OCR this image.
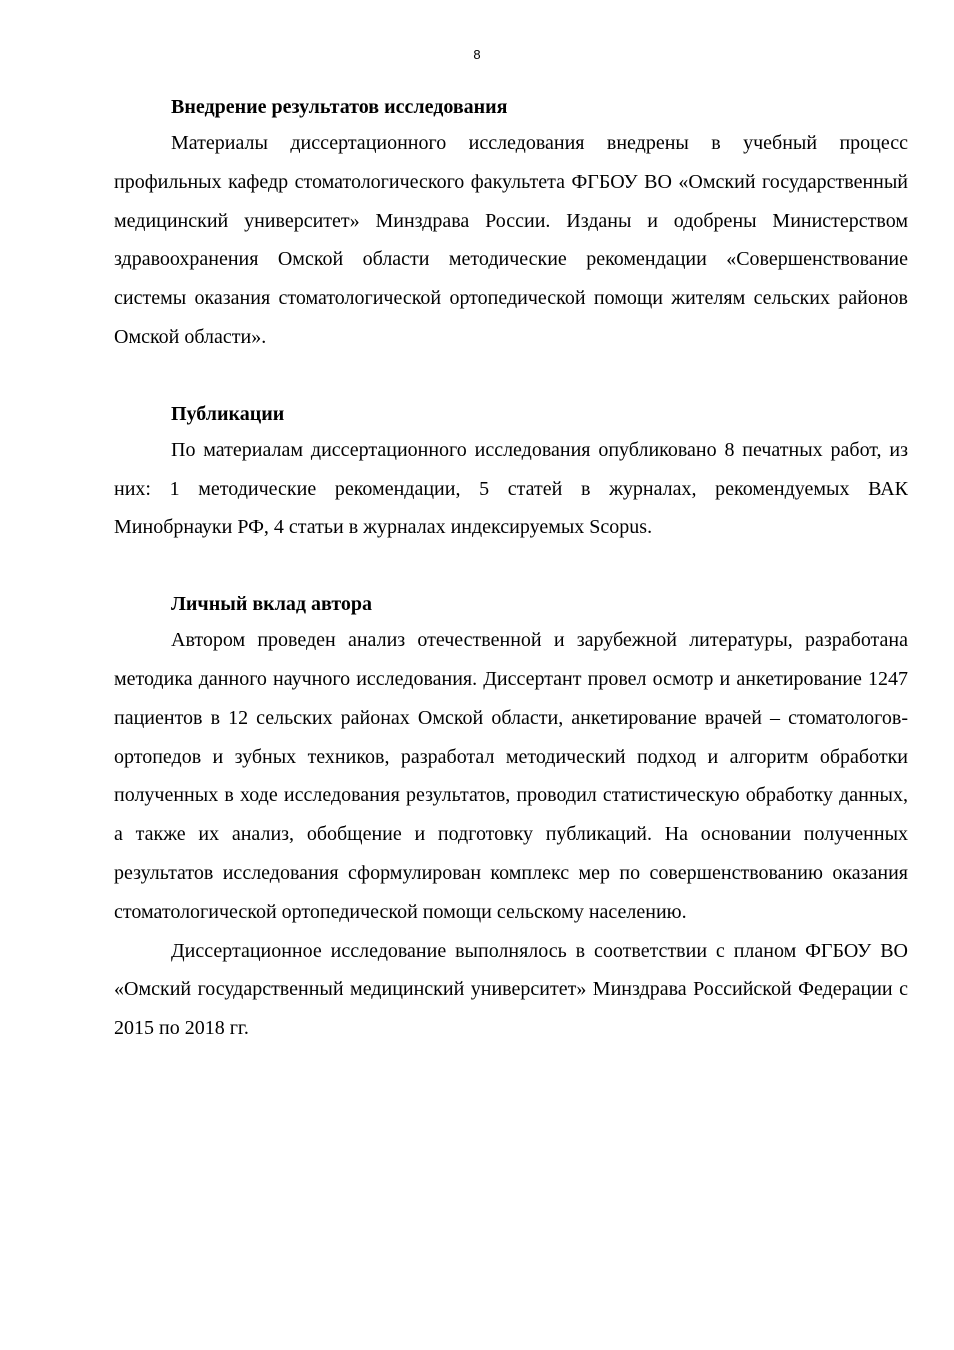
8
Внедрение результатов исследования

Материалы диссертационного исследования внедрены в учебный процесс профильных кафедр стоматологического факультета ФГБОУ ВО «Омский государственный медицинский университет» Минздрава России. Изданы и одобрены Министерством здравоохранения Омской области методические рекомендации «Совершенствование системы оказания стоматологической ортопедической помощи жителям сельских районов Омской области».

Публикации

По материалам диссертационного исследования опубликовано 8 печатных работ, из них: 1 методические рекомендации, 5 статей в журналах, рекомендуемых ВАК Минобрнауки РФ, 4 статьи в журналах индексируемых Scopus.

Личный вклад автора

Автором проведен анализ отечественной и зарубежной литературы, разработана методика данного научного исследования. Диссертант провел осмотр и анкетирование 1247 пациентов в 12 сельских районах Омской области, анкетирование врачей – стоматологов-ортопедов и зубных техников, разработал методический подход и алгоритм обработки полученных в ходе исследования результатов, проводил статистическую обработку данных, а также их анализ, обобщение и подготовку публикаций. На основании полученных результатов исследования сформулирован комплекс мер по совершенствованию оказания стоматологической ортопедической помощи сельскому населению.

Диссертационное исследование выполнялось в соответствии с планом ФГБОУ ВО «Омский государственный медицинский университет» Минздрава Российской Федерации с 2015 по 2018 гг.
